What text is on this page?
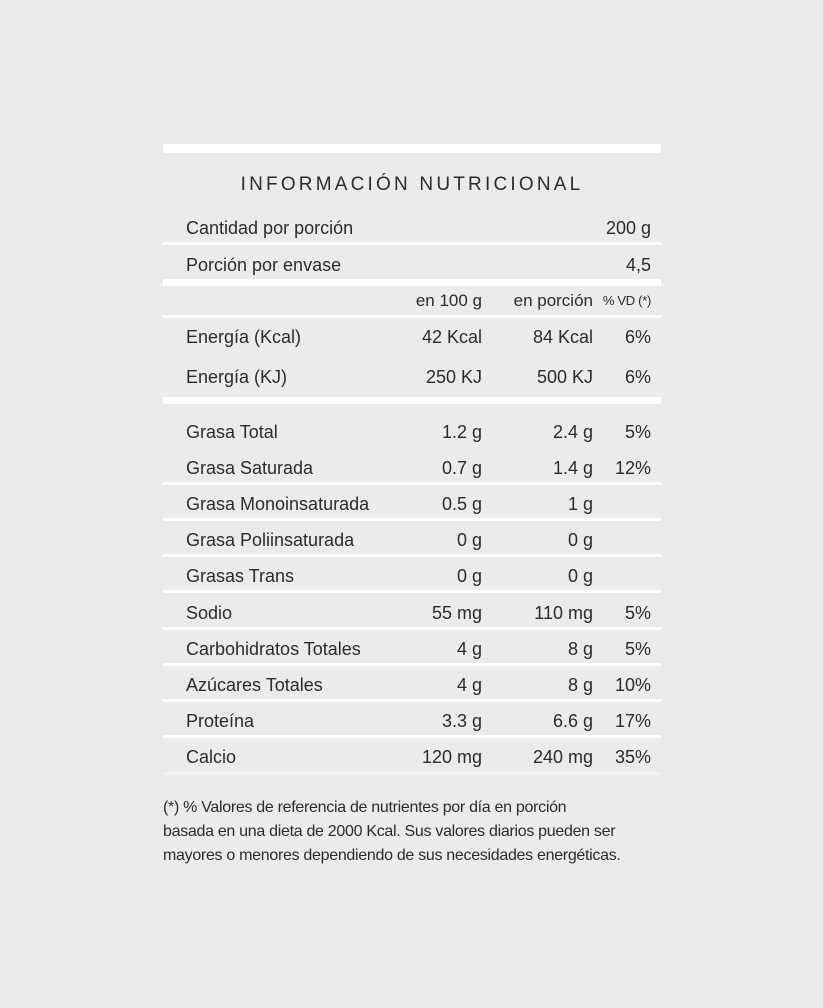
INFORMACIÓN NUTRICIONAL
Cantidad por porción	200 g
Porción por envase	4,5
en 100 g en porción % VD (*)
Energía (Kcal)	42 Kcal	84 Kcal 6%
Energía (KJ)	250 KJ	500 KJ 6%
Grasa Total	1.2 g	2.4 g 5%
Grasa Saturada	0.7 g	1.4 g 12%
Grasa Monoinsaturada	0.5 g	1 g
Grasa Poliinsaturada	0 g	0 g
Grasas Trans	0 g	0 g
Sodio	55 mg	110 mg 5%
Carbohidratos Totales	4 g	8 g 5%
Azúcares Totales	4 g	8 g 10%
Proteína	3.3 g	6.6 g 17%
Calcio	120 mg	240 mg 35%
(*) % Valores de referencia de nutrientes por día en porción
basada en una dieta de 2000 Kcal. Sus valores diarios pueden ser
mayores o menores dependiendo de sus necesidades energéticas.
